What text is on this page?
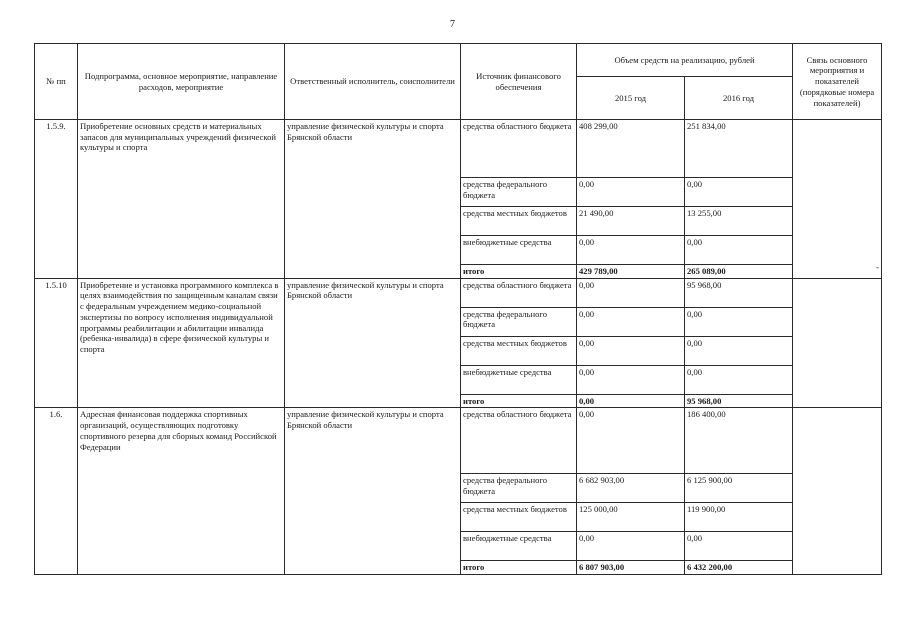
7
№ пп	Подпрограмма, основное мероприятие, направление расходов, мероприятие	Ответственный исполнитель, соисполнители	Источник финансового обеспечения	Объем средств на реализацию, рублей		Связь основного мероприятия и показателей (порядковые номера показателей)
				2015 год	2016 год	
1.5.9.	Приобретение основных средств и материальных запасов для муниципальных учреждений физической культуры и спорта	управление физической культуры и спорта Брянской области	средства областного бюджета	408 299,00	251 834,00	
			средства федерального бюджета	0,00	0,00	
			средства местных бюджетов	21 490,00	13 255,00	
			внебюджетные средства	0,00	0,00	
			итого	429 789,00	265 089,00	
1.5.10	Приобретение и установка программного комплекса в целях взаимодействия по защищенным каналам связи с федеральным учреждением медико-социальной экспертизы по вопросу исполнения индивидуальной программы реабилитации и абилитации инвалида (ребенка-инвалида) в сфере физической культуры и спорта	управление физической культуры и спорта Брянской области	средства областного бюджета	0,00	95 968,00	
			средства федерального бюджета	0,00	0,00	
			средства местных бюджетов	0,00	0,00	
			внебюджетные средства	0,00	0,00	
			итого	0,00	95 968,00	
1.6.	Адресная финансовая поддержка спортивных организаций, осуществляющих подготовку спортивного резерва для сборных команд Российской Федерации	управление физической культуры и спорта Брянской области	средства областного бюджета	0,00	186 400,00	
			средства федерального бюджета	6 682 903,00	6 125 900,00	
			средства местных бюджетов	125 000,00	119 900,00	
			внебюджетные средства	0,00	0,00	
			итого	6 807 903,00	6 432 200,00	
-
